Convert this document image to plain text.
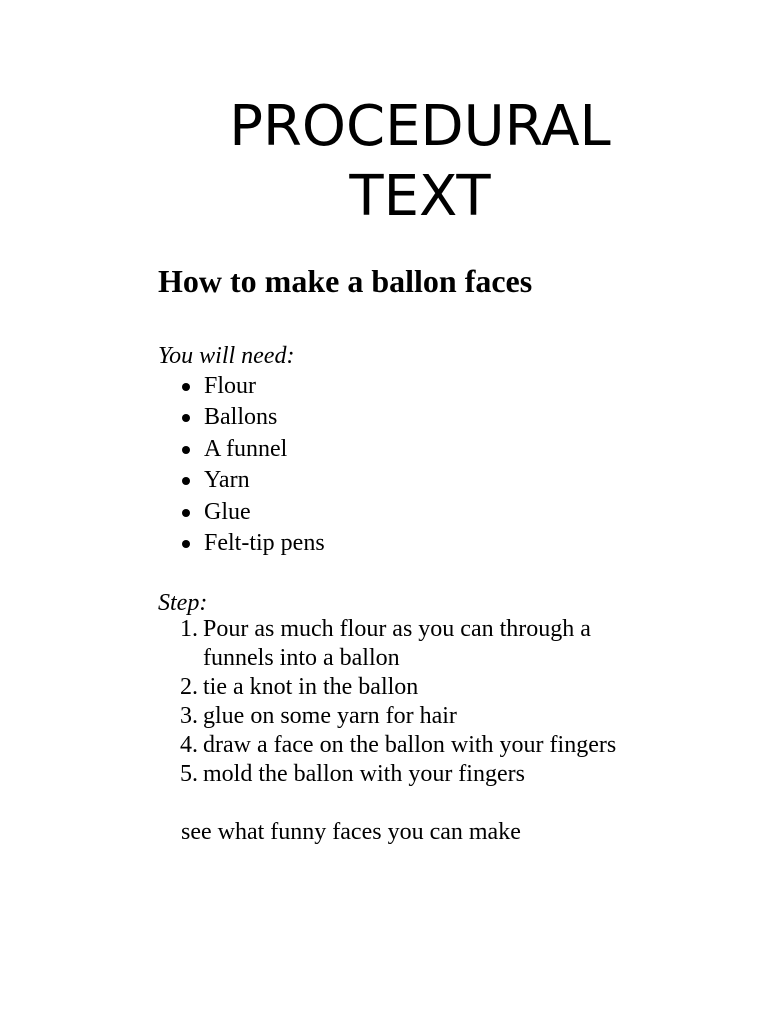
PROCEDURAL TEXT
How to make a ballon faces

You will need:

Flour
Ballons
A funnel
Yarn
Glue
Felt-tip pens

Step:

1. Pour as much flour as you can through a funnels into a ballon
2. tie a knot in the ballon
3. glue on some yarn for hair
4. draw a face on the ballon with your fingers
5. mold the ballon with your fingers

see what funny faces you can make
